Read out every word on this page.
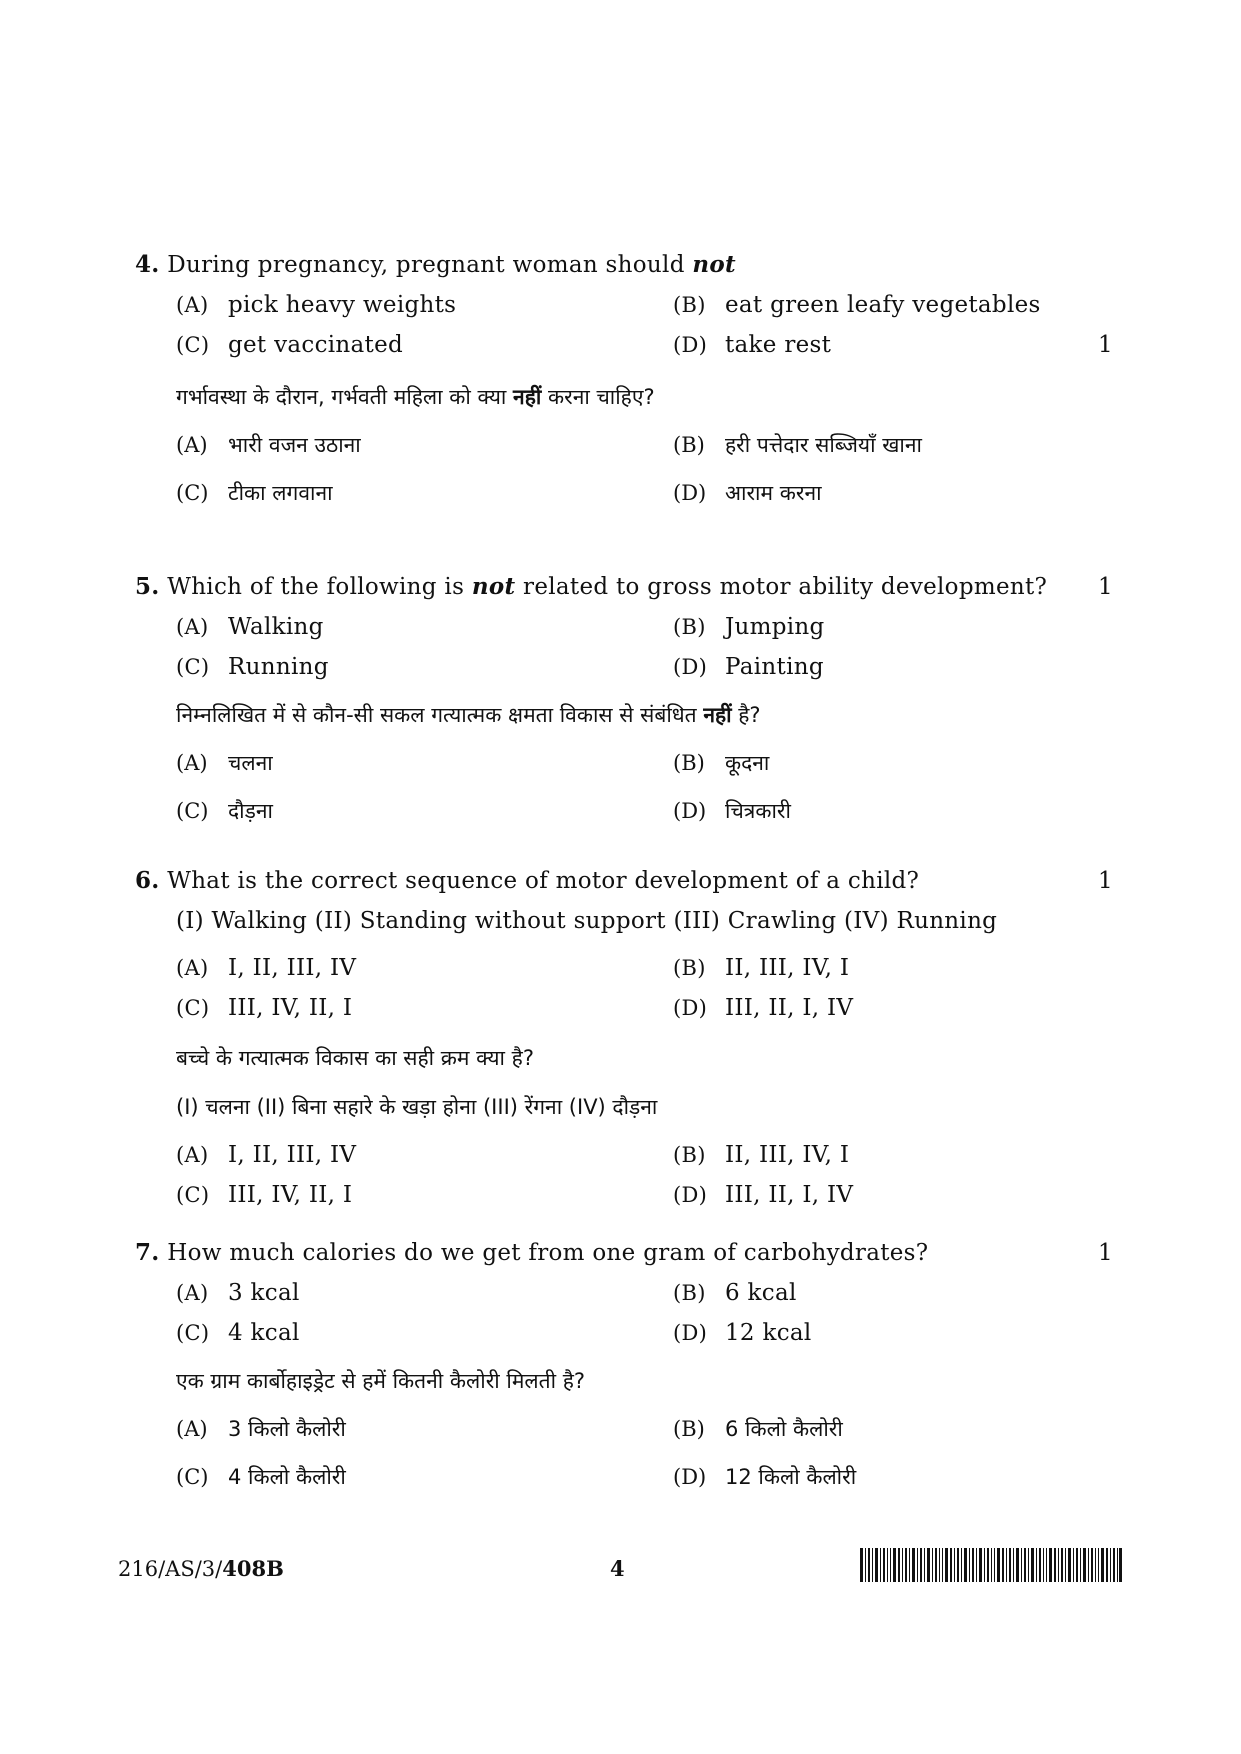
4. During pregnancy, pregnant woman should not
(A) pick heavy weights	(B) eat green leafy vegetables
(C) get vaccinated	(D) take rest	1
गर्भावस्था के दौरान, गर्भवती महिला को क्या नहीं करना चाहिए?
(A) भारी वजन उठाना	(B) हरी पत्तेदार सब्जियाँ खाना
(C) टीका लगवाना	(D) आराम करना
5. Which of the following is not related to gross motor ability development? 1
(A) Walking	(B) Jumping
(C) Running	(D) Painting
निम्नलिखित में से कौन-सी सकल गत्यात्मक क्षमता विकास से संबंधित नहीं है?
(A) चलना	(B) कूदना
(C) दौड़ना	(D) चित्रकारी
6. What is the correct sequence of motor development of a child?	1
(I) Walking (II) Standing without support (III) Crawling (IV) Running
(A) I, II, III, IV	(B) II, III, IV, I
(C) III, IV, II, I	(D) III, II, I, IV
बच्चे के गत्यात्मक विकास का सही क्रम क्या है?
(I) चलना (II) बिना सहारे के खड़ा होना (III) रेंगना (IV) दौड़ना
(A) I, II, III, IV	(B) II, III, IV, I
(C) III, IV, II, I	(D) III, II, I, IV
7. How much calories do we get from one gram of carbohydrates?	1
(A) 3 kcal	(B) 6 kcal
(C) 4 kcal	(D) 12 kcal
एक ग्राम कार्बोहाइड्रेट से हमें कितनी कैलोरी मिलती है?
(A) 3 किलो कैलोरी	(B) 6 किलो कैलोरी
(C) 4 किलो कैलोरी	(D) 12 किलो कैलोरी
216/AS/3/408B	4
